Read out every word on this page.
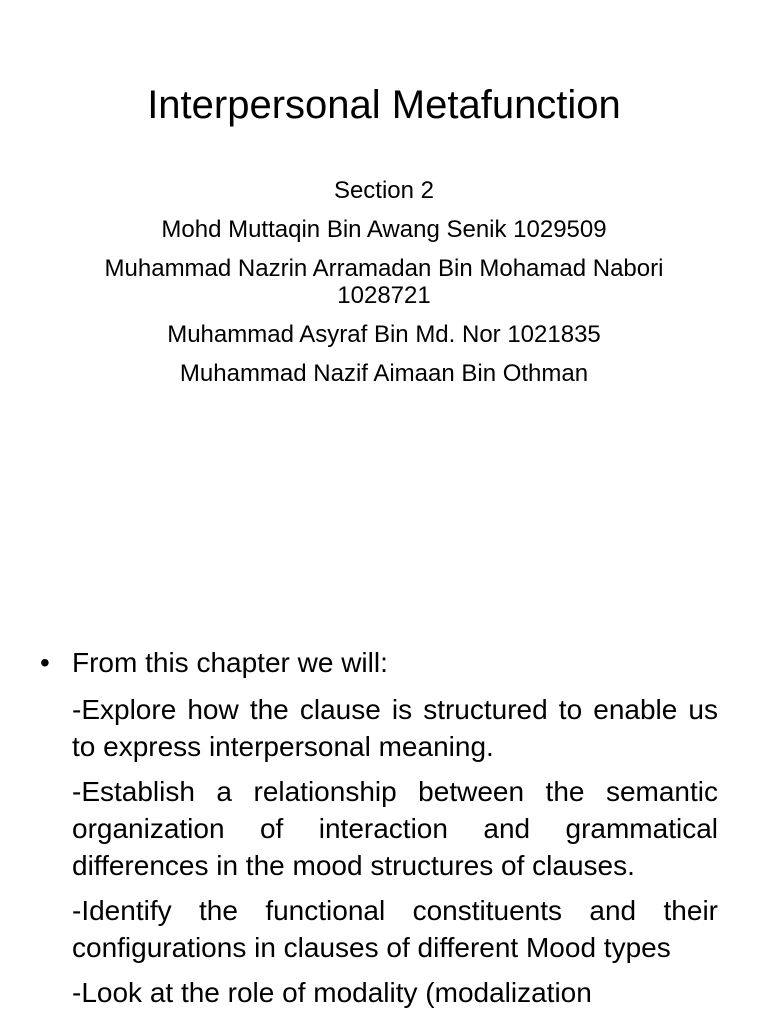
Interpersonal Metafunction
Section 2
Mohd Muttaqin Bin Awang Senik 1029509
Muhammad Nazrin Arramadan Bin Mohamad Nabori 1028721
Muhammad Asyraf Bin Md. Nor 1021835
Muhammad Nazif Aimaan Bin Othman
• From this chapter we will:
-Explore how the clause is structured to enable us to express interpersonal meaning.
-Establish a relationship between the semantic organization of interaction and grammatical differences in the mood structures of clauses.
-Identify the functional constituents and their configurations in clauses of different Mood types
-Look at the role of modality (modalization
